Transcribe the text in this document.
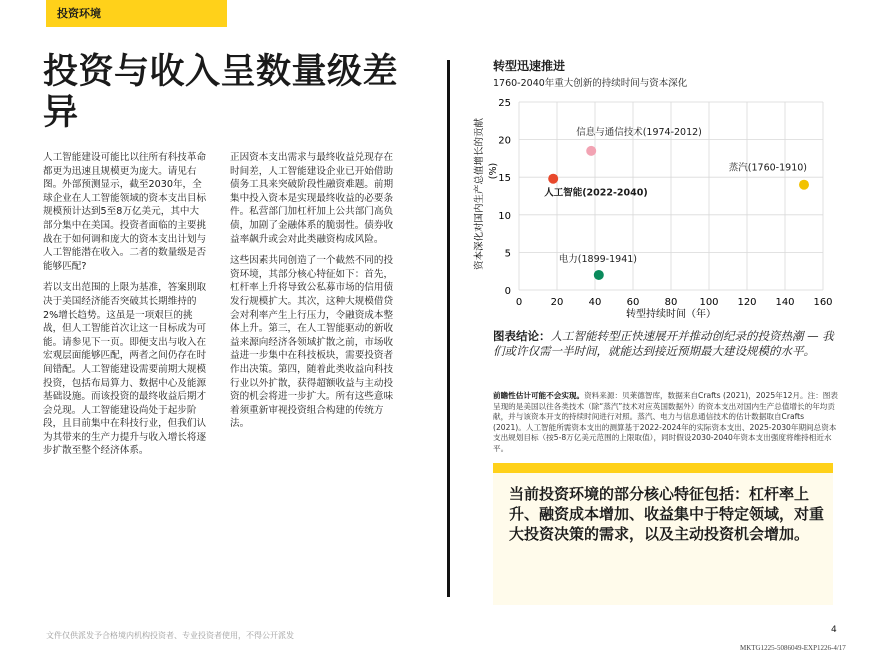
投资环境
投资与收入呈数量级差异

人工智能建设可能比以往所有科技革命都更为迅速且规模更为庞大。请见右图。外部预测显示，截至2030年，全球企业在人工智能领域的资本支出目标规模预计达到5至8万亿美元，其中大部分集中在美国。投资者面临的主要挑战在于如何调和庞大的资本支出计划与人工智能潜在收入。二者的数量级是否能够匹配?

若以支出范围的上限为基准，答案則取决于美国经济能否突破其长期维持的2%增长趋势。这虽是一项艰巨的挑战，但人工智能首次让这一目标成为可能。请参见下一页。即便支出与收入在宏观层面能够匹配，两者之间仍存在时间错配。人工智能建设需要前期大规模投资，包括布局算力、数据中心及能源基础设施。而该投资的最终收益后期才会兑现。人工智能建设尚处于起步阶段，且目前集中在科技行业，但我们认为其带来的生产力提升与收入增长将逐步扩散至整个经济体系。

正因资本支出需求与最终收益兑现存在时间差，人工智能建设企业已开始借助债务工具来突破阶段性融资难题。前期集中投入资本是实现最终收益的必要条件。私营部门加杠杆加上公共部门高负债，加剧了金融体系的脆弱性。债券收益率飙升或会对此类融资构成风险。

这些因素共同创造了一个截然不同的投资环境，其部分核心特征如下：首先，杠杆率上升将导致公私募市场的信用债发行规模扩大。其次，这种大规模借贷会对利率产生上行压力，令融资成本整体上升。第三，在人工智能驱动的新收益来源向经济各领域扩散之前，市场收益进一步集中在科技板块，需要投资者作出决策。第四，随着此类收益向科技行业以外扩散，获得超额收益与主动投资的机会将进一步扩大。所有这些意味着须重新审视投资组合构建的传统方法。

转型迅速推进
1760-2040年重大创新的持续时间与资本深化
0	20	40	60	80 100 120 140 160
0
5
10
15
20
25
信息与通信技术(1974-2012)
人工智能(2022-2040)
蒸汽(1760-1910)
电力(1899-1941)
资本深化对国内生产总值增长的贡献 (%)
转型持续时间（年）
图表结论：人工智能转型正快速展开并推动创纪录的投资热潮 — 我们或许仅需一半时间，就能达到接近预期最大建设规模的水平。
前瞻性估计可能不会实现。资料来源：贝莱德智库，数据来自Crafts (2021)，2025年12月。注：图表呈现的是美国以往各类技术（除“蒸汽”技术对应英国数据外）的资本支出对国内生产总值增长的年均贡献，并与该资本开支的持续时间进行对照。蒸汽、电力与信息通信技术的估计数据取自Crafts (2021)。人工智能所需资本支出的测算基于2022-2024年的实际资本支出、2025-2030年期间总资本支出规划目标（按5-8万亿美元范围的上限取值），同时假设2030-2040年资本支出强度将维持相近水平。
当前投资环境的部分核心特征包括：杠杆率上升、融资成本增加、收益集中于特定领域，对重大投资决策的需求，以及主动投资机会增加。
文件仅供派发予合格境内机构投资者、专业投资者使用，不得公开派发
4
MKTG1225-5086049-EXP1226-4/17
